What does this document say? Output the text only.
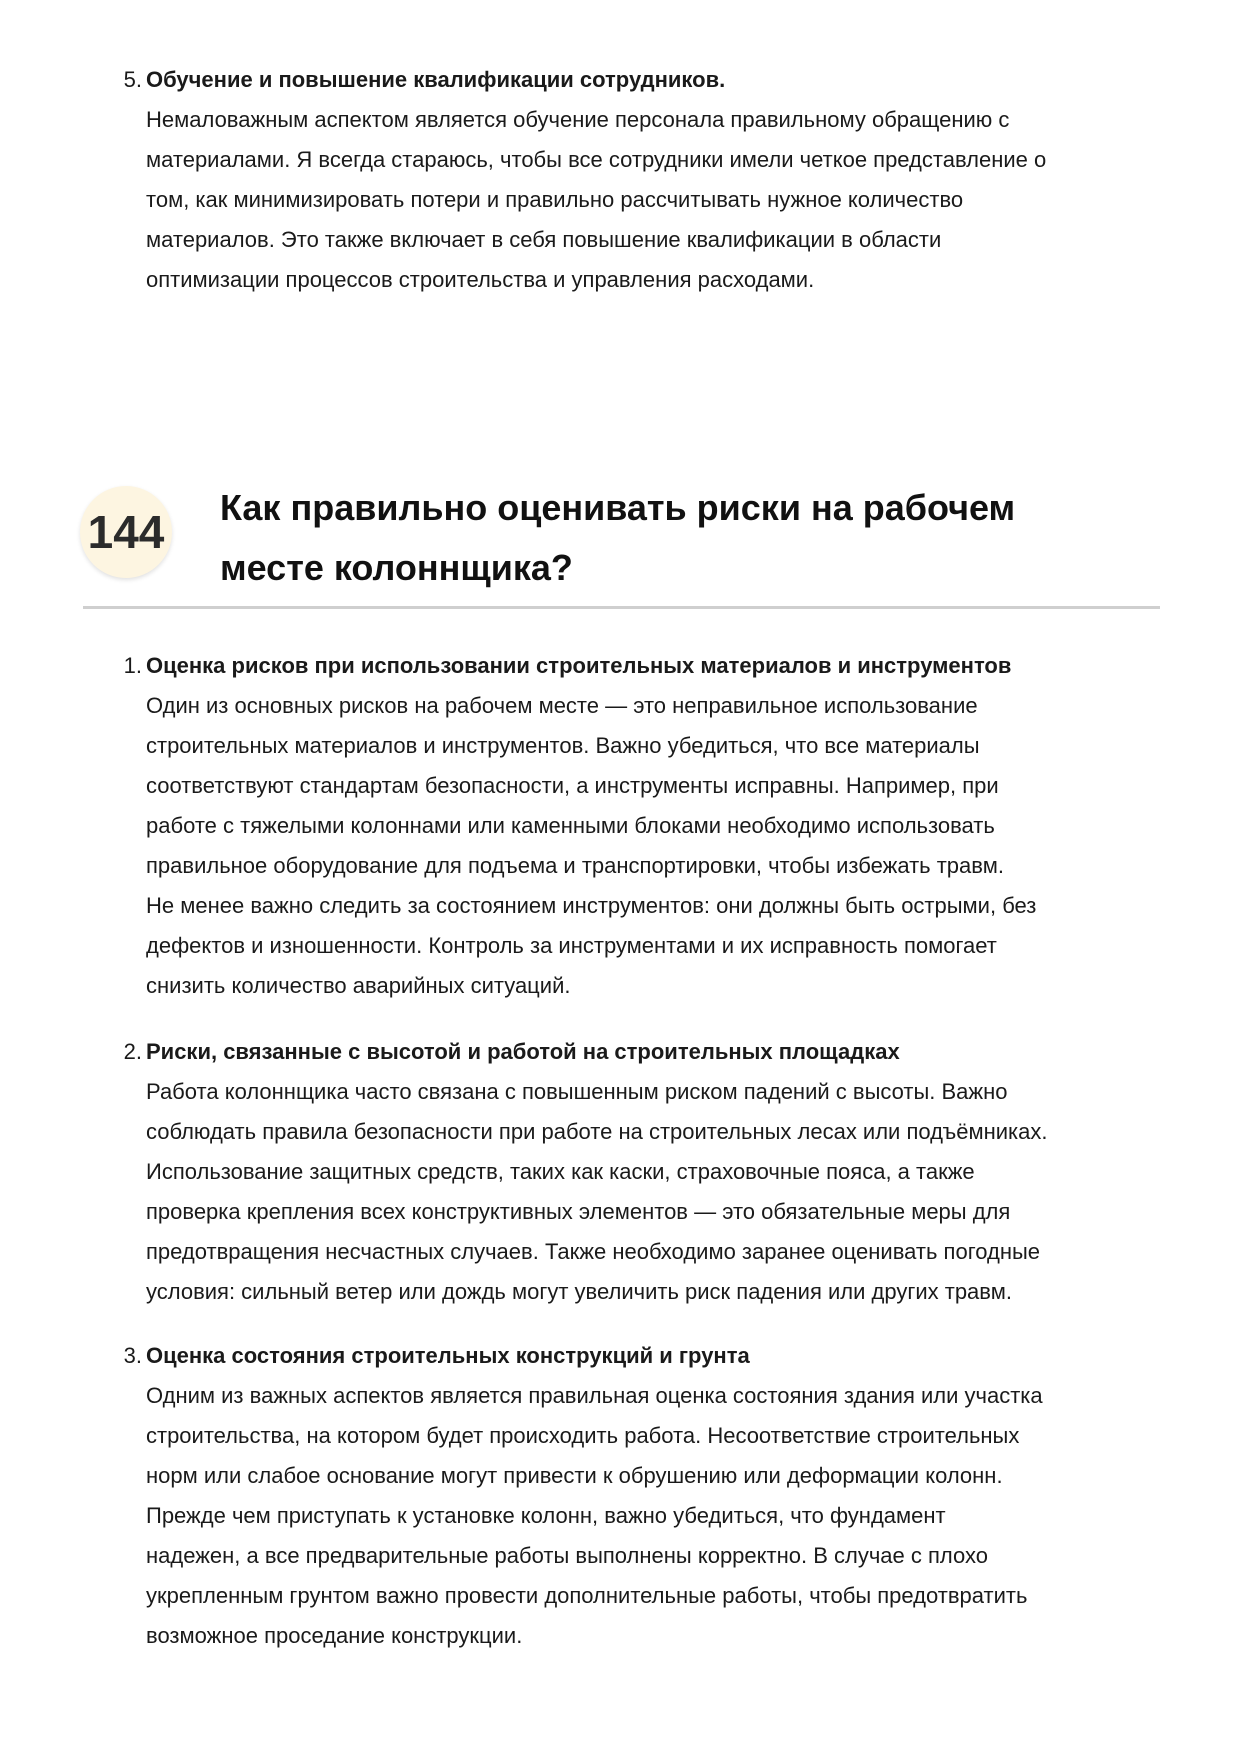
5. Обучение и повышение квалификации сотрудников.
Немаловажным аспектом является обучение персонала правильному обращению с
материалами. Я всегда стараюсь, чтобы все сотрудники имели четкое представление о
том, как минимизировать потери и правильно рассчитывать нужное количество
материалов. Это также включает в себя повышение квалификации в области
оптимизации процессов строительства и управления расходами.
144 Как правильно оценивать риски на рабочем
месте колоннщика?
1. Оценка рисков при использовании строительных материалов и инструментов
Один из основных рисков на рабочем месте — это неправильное использование
строительных материалов и инструментов. Важно убедиться, что все материалы
соответствуют стандартам безопасности, а инструменты исправны. Например, при
работе с тяжелыми колоннами или каменными блоками необходимо использовать
правильное оборудование для подъема и транспортировки, чтобы избежать травм.
Не менее важно следить за состоянием инструментов: они должны быть острыми, без
дефектов и изношенности. Контроль за инструментами и их исправность помогает
снизить количество аварийных ситуаций.
2. Риски, связанные с высотой и работой на строительных площадках
Работа колоннщика часто связана с повышенным риском падений с высоты. Важно
соблюдать правила безопасности при работе на строительных лесах или подъёмниках.
Использование защитных средств, таких как каски, страховочные пояса, а также
проверка крепления всех конструктивных элементов — это обязательные меры для
предотвращения несчастных случаев. Также необходимо заранее оценивать погодные
условия: сильный ветер или дождь могут увеличить риск падения или других травм.
3. Оценка состояния строительных конструкций и грунта
Одним из важных аспектов является правильная оценка состояния здания или участка
строительства, на котором будет происходить работа. Несоответствие строительных
норм или слабое основание могут привести к обрушению или деформации колонн.
Прежде чем приступать к установке колонн, важно убедиться, что фундамент
надежен, а все предварительные работы выполнены корректно. В случае с плохо
укрепленным грунтом важно провести дополнительные работы, чтобы предотвратить
возможное проседание конструкции.
